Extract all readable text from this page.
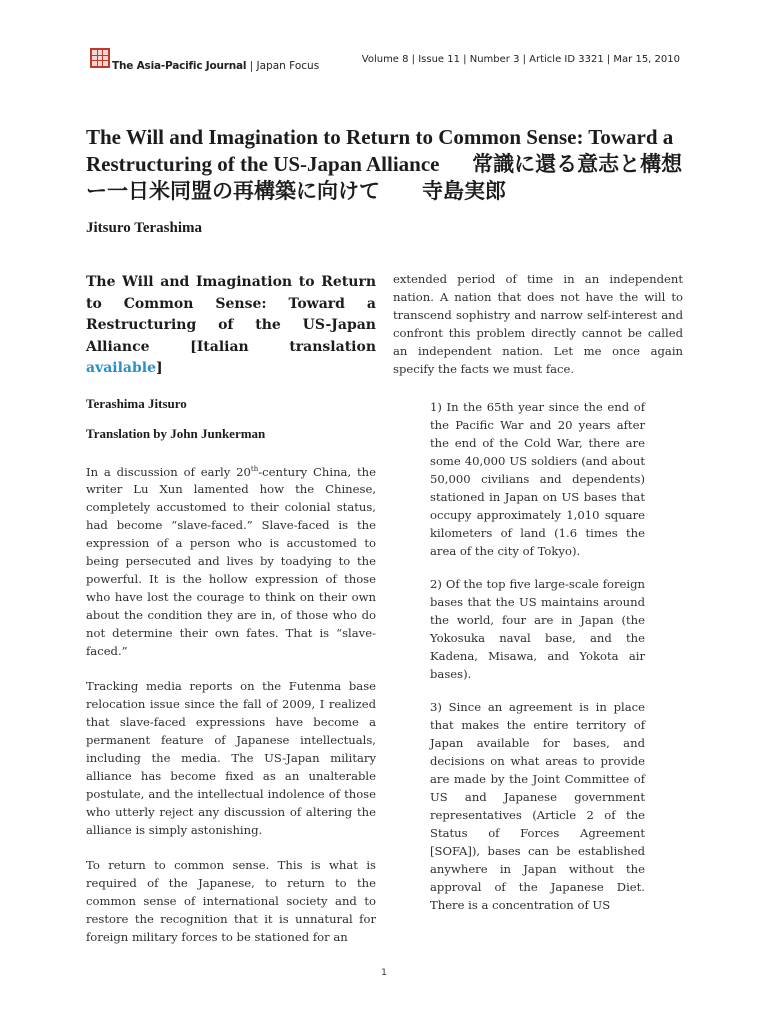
The Asia-Pacific Journal | Japan Focus
Volume 8 | Issue 11 | Number 3 | Article ID 3321 | Mar 15, 2010
The Will and Imagination to Return to Common Sense: Toward a Restructuring of the US-Japan Alliance  常識に還る意志と構想ー一日米同盟の再構築に向けて　　寺島実郎
Jitsuro Terashima

The Will and Imagination to Return to Common Sense: Toward a Restructuring of the US-Japan Alliance [Italian translation available]

Terashima Jitsuro

Translation by John Junkerman

In a discussion of early 20th-century China, the writer Lu Xun lamented how the Chinese, completely accustomed to their colonial status, had become “slave-faced.” Slave-faced is the expression of a person who is accustomed to being persecuted and lives by toadying to the powerful. It is the hollow expression of those who have lost the courage to think on their own about the condition they are in, of those who do not determine their own fates. That is “slave-faced.”

Tracking media reports on the Futenma base relocation issue since the fall of 2009, I realized that slave-faced expressions have become a permanent feature of Japanese intellectuals, including the media. The US-Japan military alliance has become fixed as an unalterable postulate, and the intellectual indolence of those who utterly reject any discussion of altering the alliance is simply astonishing.

To return to common sense. This is what is required of the Japanese, to return to the common sense of international society and to restore the recognition that it is unnatural for foreign military forces to be stationed for an

extended period of time in an independent nation. A nation that does not have the will to transcend sophistry and narrow self-interest and confront this problem directly cannot be called an independent nation. Let me once again specify the facts we must face.

1) In the 65th year since the end of the Pacific War and 20 years after the end of the Cold War, there are some 40,000 US soldiers (and about 50,000 civilians and dependents) stationed in Japan on US bases that occupy approximately 1,010 square kilometers of land (1.6 times the area of the city of Tokyo).

2) Of the top five large-scale foreign bases that the US maintains around the world, four are in Japan (the Yokosuka naval base, and the Kadena, Misawa, and Yokota air bases).

3) Since an agreement is in place that makes the entire territory of Japan available for bases, and decisions on what areas to provide are made by the Joint Committee of US and Japanese government representatives (Article 2 of the Status of Forces Agreement [SOFA]), bases can be established anywhere in Japan without the approval of the Japanese Diet. There is a concentration of US

1
